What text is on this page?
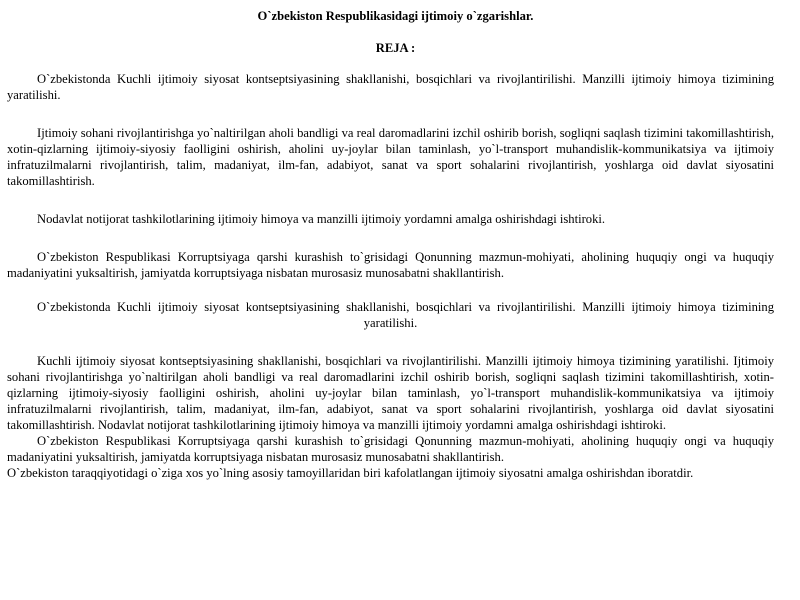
O`zbekiston Respublikasidagi ijtimoiy o`zgarishlar.
REJA :

O`zbekistonda Kuchli ijtimoiy siyosat kontseptsiyasining shakllanishi, bosqichlari va rivojlantirilishi. Manzilli ijtimoiy himoya tizimining yaratilishi.

Ijtimoiy sohani rivojlantirishga yo`naltirilgan aholi bandligi va real daromadlarini izchil oshirib borish, sogliqni saqlash tizimini takomillashtirish, xotin-qizlarning ijtimoiy-siyosiy faolligini oshirish, aholini uy-joylar bilan taminlash, yo`l-transport muhandislik-kommunikatsiya va ijtimoiy infratuzilmalarni rivojlantirish, talim, madaniyat, ilm-fan, adabiyot, sanat va sport sohalarini rivojlantirish, yoshlarga oid davlat siyosatini takomillashtirish.

Nodavlat notijorat tashkilotlarining ijtimoiy himoya va manzilli ijtimoiy yordamni amalga oshirishdagi ishtiroki.

O`zbekiston Respublikasi Korruptsiyaga qarshi kurashish to`grisidagi Qonunning mazmun-mohiyati, aholining huquqiy ongi va huquqiy madaniyatini yuksaltirish, jamiyatda korruptsiyaga nisbatan murosasiz munosabatni shakllantirish.

O`zbekistonda Kuchli ijtimoiy siyosat kontseptsiyasining shakllanishi, bosqichlari va rivojlantirilishi. Manzilli ijtimoiy himoya tizimining yaratilishi.

Kuchli ijtimoiy siyosat kontseptsiyasining shakllanishi, bosqichlari va rivojlantirilishi. Manzilli ijtimoiy himoya tizimining yaratilishi. Ijtimoiy sohani rivojlantirishga yo`naltirilgan aholi bandligi va real daromadlarini izchil oshirib borish, sogliqni saqlash tizimini takomillashtirish, xotin-qizlarning ijtimoiy-siyosiy faolligini oshirish, aholini uy-joylar bilan taminlash, yo`l-transport muhandislik-kommunikatsiya va ijtimoiy infratuzilmalarni rivojlantirish, talim, madaniyat, ilm-fan, adabiyot, sanat va sport sohalarini rivojlantirish, yoshlarga oid davlat siyosatini takomillashtirish. Nodavlat notijorat tashkilotlarining ijtimoiy himoya va manzilli ijtimoiy yordamni amalga oshirishdagi ishtiroki.

O`zbekiston Respublikasi Korruptsiyaga qarshi kurashish to`grisidagi Qonunning mazmun-mohiyati, aholining huquqiy ongi va huquqiy madaniyatini yuksaltirish, jamiyatda korruptsiyaga nisbatan murosasiz munosabatni shakllantirish.

O`zbekiston taraqqiyotidagi o`ziga xos yo`lning asosiy tamoyillaridan biri kafolatlangan ijtimoiy siyosatni amalga oshirishdan iboratdir.
